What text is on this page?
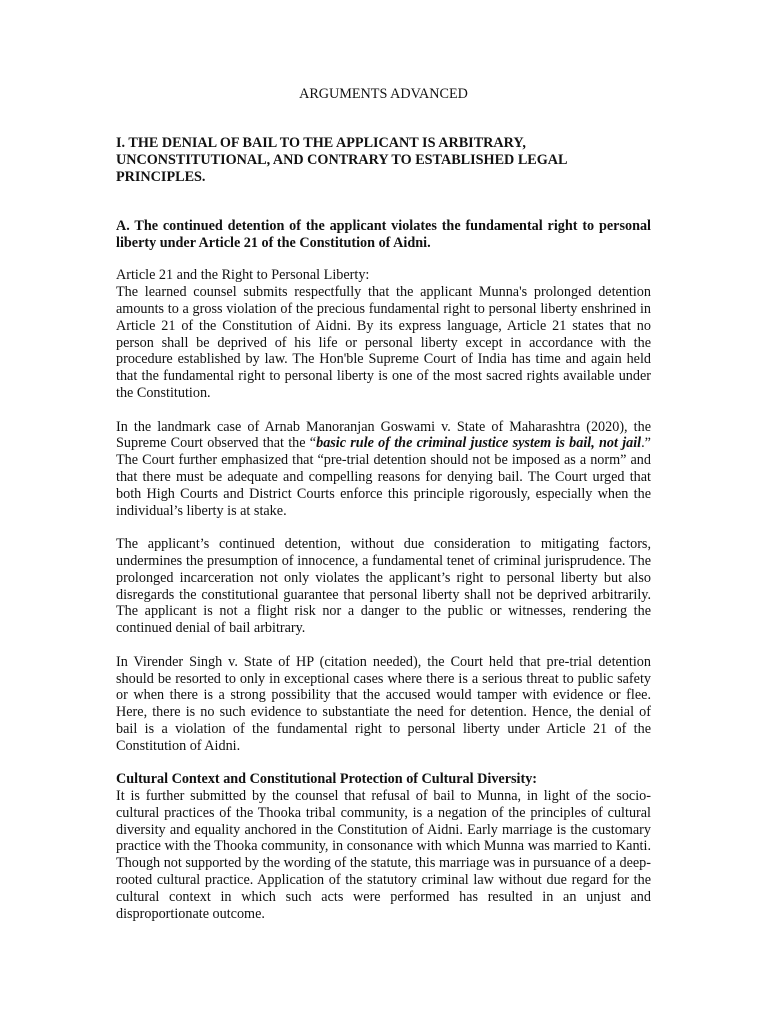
ARGUMENTS ADVANCED
I. THE DENIAL OF BAIL TO THE APPLICANT IS ARBITRARY, UNCONSTITUTIONAL, AND CONTRARY TO ESTABLISHED LEGAL PRINCIPLES.
A. The continued detention of the applicant violates the fundamental right to personal liberty under Article 21 of the Constitution of Aidni.
Article 21 and the Right to Personal Liberty:

The learned counsel submits respectfully that the applicant Munna's prolonged detention amounts to a gross violation of the precious fundamental right to personal liberty enshrined in Article 21 of the Constitution of Aidni. By its express language, Article 21 states that no person shall be deprived of his life or personal liberty except in accordance with the procedure established by law. The Hon'ble Supreme Court of India has time and again held that the fundamental right to personal liberty is one of the most sacred rights available under the Constitution.

In the landmark case of Arnab Manoranjan Goswami v. State of Maharashtra (2020), the Supreme Court observed that the “basic rule of the criminal justice system is bail, not jail.” The Court further emphasized that “pre-trial detention should not be imposed as a norm” and that there must be adequate and compelling reasons for denying bail. The Court urged that both High Courts and District Courts enforce this principle rigorously, especially when the individual’s liberty is at stake.

The applicant’s continued detention, without due consideration to mitigating factors, undermines the presumption of innocence, a fundamental tenet of criminal jurisprudence. The prolonged incarceration not only violates the applicant’s right to personal liberty but also disregards the constitutional guarantee that personal liberty shall not be deprived arbitrarily. The applicant is not a flight risk nor a danger to the public or witnesses, rendering the continued denial of bail arbitrary.

In Virender Singh v. State of HP (citation needed), the Court held that pre-trial detention should be resorted to only in exceptional cases where there is a serious threat to public safety or when there is a strong possibility that the accused would tamper with evidence or flee. Here, there is no such evidence to substantiate the need for detention. Hence, the denial of bail is a violation of the fundamental right to personal liberty under Article 21 of the Constitution of Aidni.

Cultural Context and Constitutional Protection of Cultural Diversity:

It is further submitted by the counsel that refusal of bail to Munna, in light of the socio-cultural practices of the Thooka tribal community, is a negation of the principles of cultural diversity and equality anchored in the Constitution of Aidni. Early marriage is the customary practice with the Thooka community, in consonance with which Munna was married to Kanti. Though not supported by the wording of the statute, this marriage was in pursuance of a deep-rooted cultural practice. Application of the statutory criminal law without due regard for the cultural context in which such acts were performed has resulted in an unjust and disproportionate outcome.
